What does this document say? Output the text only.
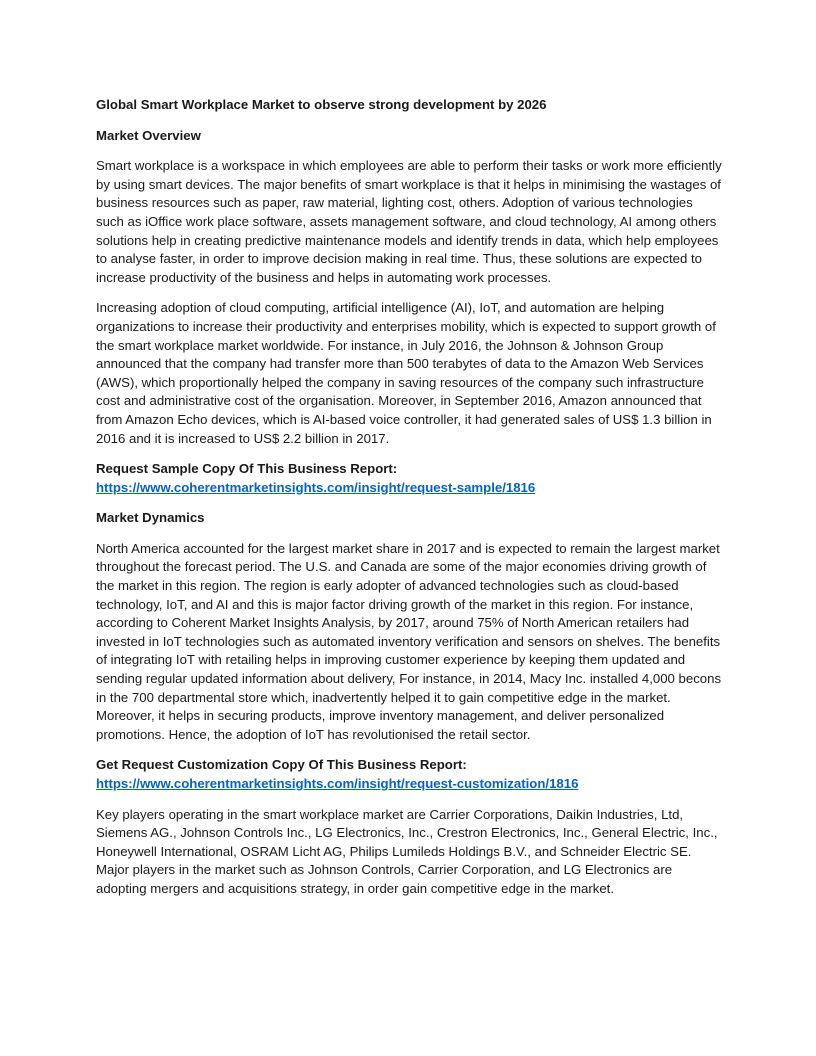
Global Smart Workplace Market to observe strong development by 2026
Market Overview

Smart workplace is a workspace in which employees are able to perform their tasks or work more efficiently by using smart devices. The major benefits of smart workplace is that it helps in minimising the wastages of business resources such as paper, raw material, lighting cost, others. Adoption of various technologies such as iOffice work place software, assets management software, and cloud technology, AI among others solutions help in creating predictive maintenance models and identify trends in data, which help employees to analyse faster, in order to improve decision making in real time. Thus, these solutions are expected to increase productivity of the business and helps in automating work processes.

Increasing adoption of cloud computing, artificial intelligence (AI), IoT, and automation are helping organizations to increase their productivity and enterprises mobility, which is expected to support growth of the smart workplace market worldwide. For instance, in July 2016, the Johnson & Johnson Group announced that the company had transfer more than 500 terabytes of data to the Amazon Web Services (AWS), which proportionally helped the company in saving resources of the company such infrastructure cost and administrative cost of the organisation. Moreover, in September 2016, Amazon announced that from Amazon Echo devices, which is AI-based voice controller, it had generated sales of US$ 1.3 billion in 2016 and it is increased to US$ 2.2 billion in 2017.

Request Sample Copy Of This Business Report:
https://www.coherentmarketinsights.com/insight/request-sample/1816
Market Dynamics

North America accounted for the largest market share in 2017 and is expected to remain the largest market throughout the forecast period. The U.S. and Canada are some of the major economies driving growth of the market in this region. The region is early adopter of advanced technologies such as cloud-based technology, IoT, and AI and this is major factor driving growth of the market in this region. For instance, according to Coherent Market Insights Analysis, by 2017, around 75% of North American retailers had invested in IoT technologies such as automated inventory verification and sensors on shelves. The benefits of integrating IoT with retailing helps in improving customer experience by keeping them updated and sending regular updated information about delivery, For instance, in 2014, Macy Inc. installed 4,000 becons in the 700 departmental store which, inadvertently helped it to gain competitive edge in the market. Moreover, it helps in securing products, improve inventory management, and deliver personalized promotions. Hence, the adoption of IoT has revolutionised the retail sector.

Get Request Customization Copy Of This Business Report:
https://www.coherentmarketinsights.com/insight/request-customization/1816

Key players operating in the smart workplace market are Carrier Corporations, Daikin Industries, Ltd, Siemens AG., Johnson Controls Inc., LG Electronics, Inc., Crestron Electronics, Inc., General Electric, Inc., Honeywell International, OSRAM Licht AG, Philips Lumileds Holdings B.V., and Schneider Electric SE. Major players in the market such as Johnson Controls, Carrier Corporation, and LG Electronics are adopting mergers and acquisitions strategy, in order gain competitive edge in the market.
